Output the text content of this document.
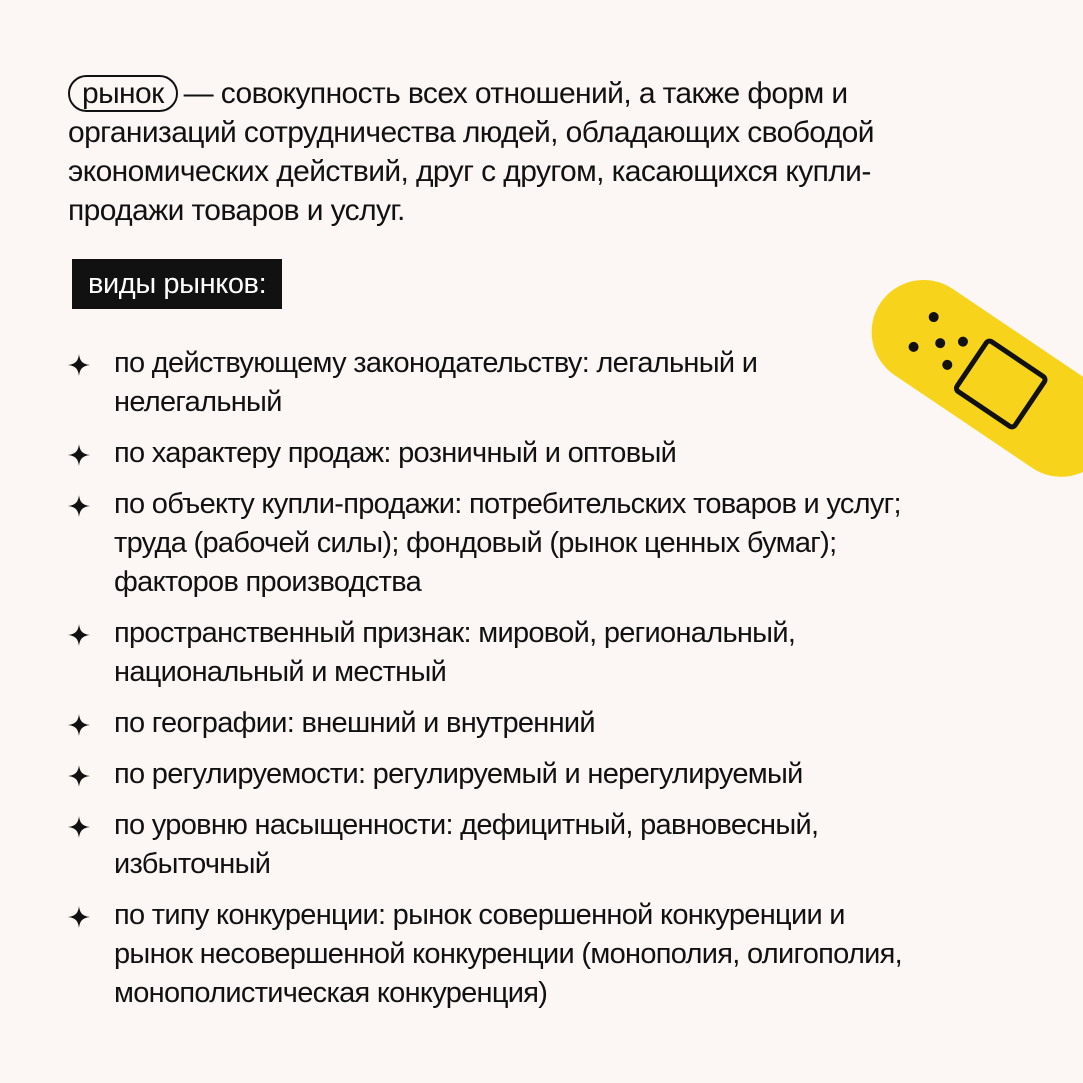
рынок — совокупность всех отношений, а также форм и организаций сотрудничества людей, обладающих свободой экономических действий, друг с другом, касающихся купли-продажи товаров и услуг.
виды рынков:
по действующему законодательству: легальный и нелегальный
по характеру продаж: розничный и оптовый
по объекту купли-продажи: потребительских товаров и услуг; труда (рабочей силы); фондовый (рынок ценных бумаг); факторов производства
пространственный признак: мировой, региональный, национальный и местный
по географии: внешний и внутренний
по регулируемости: регулируемый и нерегулируемый
по уровню насыщенности: дефицитный, равновесный, избыточный
по типу конкуренции: рынок совершенной конкуренции и рынок несовершенной конкуренции (монополия, олигополия, монополистическая конкуренция)
